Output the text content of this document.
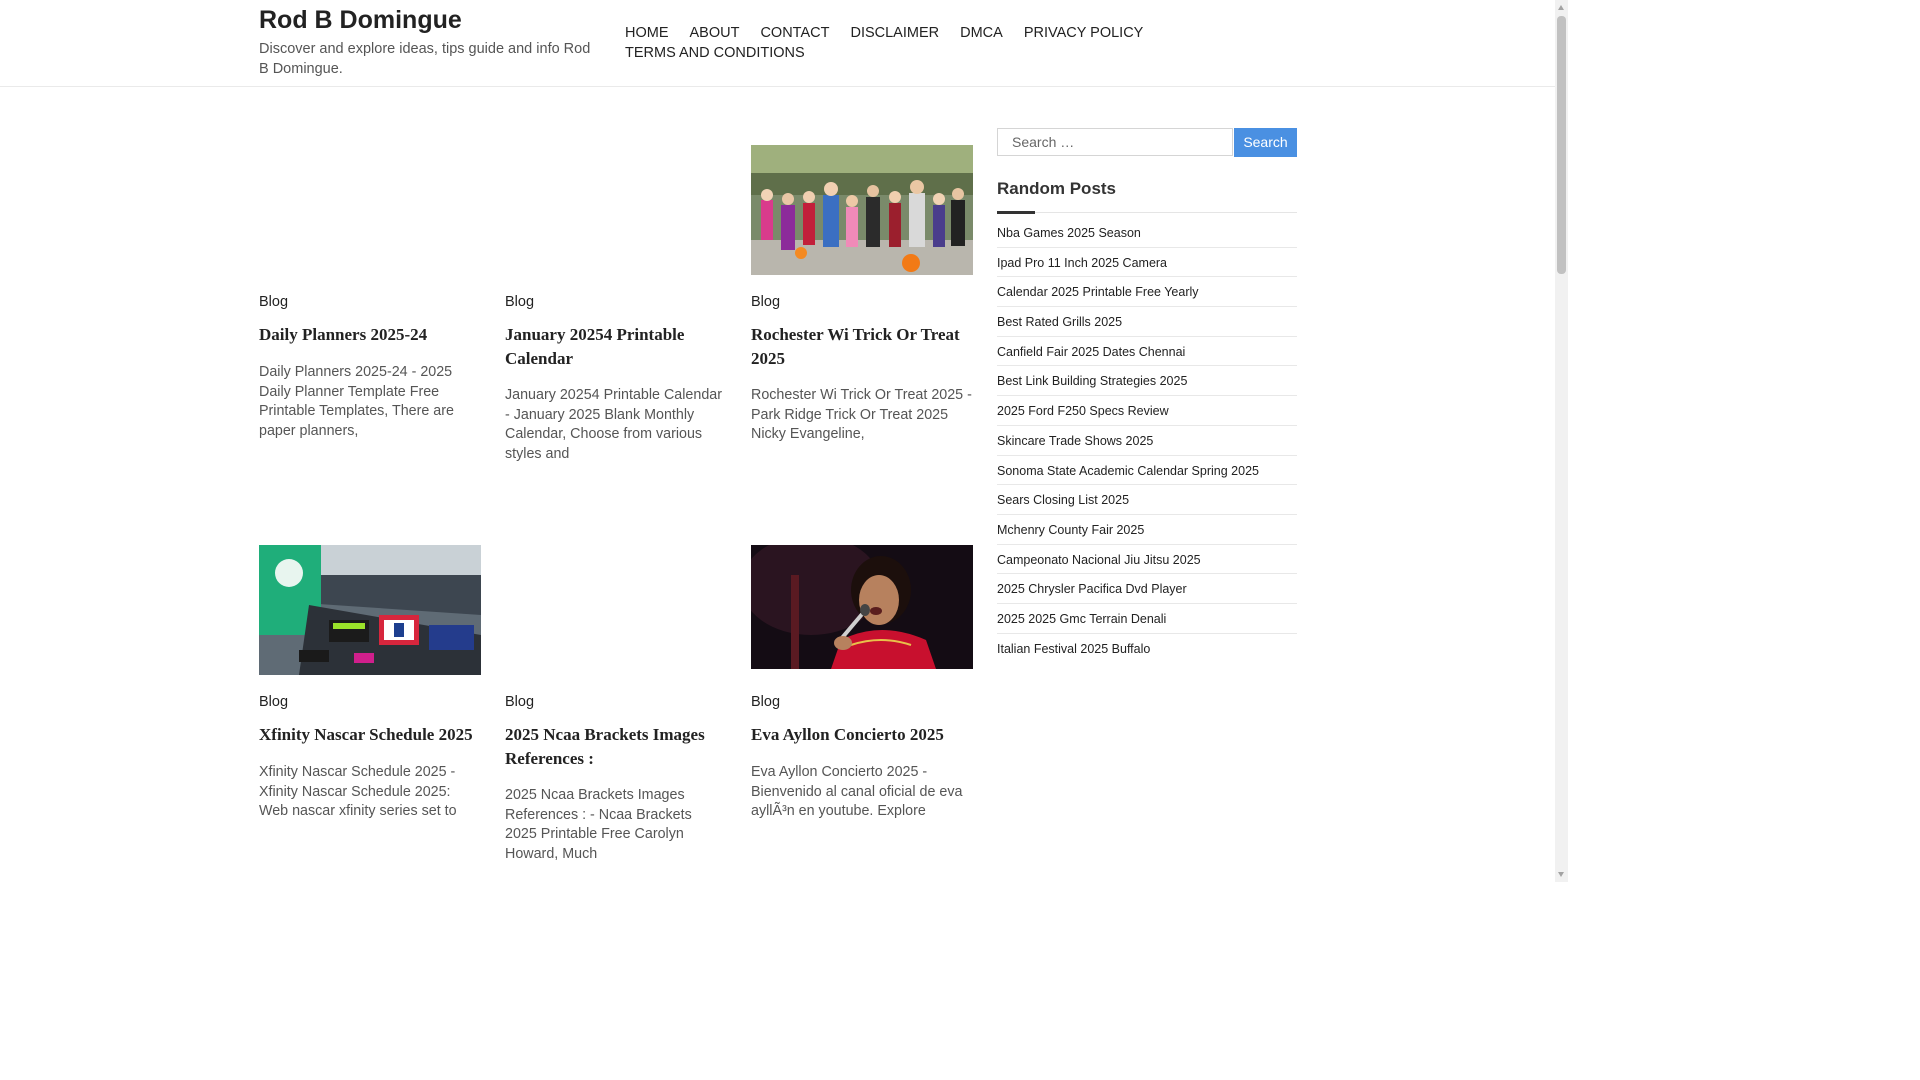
Rod B Domingue
Discover and explore ideas, tips guide and info Rod B Domingue.
HOME ABOUT CONTACT DISCLAIMER DMCA PRIVACY POLICYTERMS AND CONDITIONS
Blog
Daily Planners 2025-24
Daily Planners 2025-24 - 2025 Daily Planner Template Free Printable Templates, There are paper planners,
Blog
January 20254 Printable Calendar
January 20254 Printable Calendar - January 2025 Blank Monthly Calendar, Choose from various styles and
Blog
Rochester Wi Trick Or Treat 2025
Rochester Wi Trick Or Treat 2025 - Park Ridge Trick Or Treat 2025 Nicky Evangeline,
Blog
Xfinity Nascar Schedule 2025
Xfinity Nascar Schedule 2025 - Xfinity Nascar Schedule 2025: Web nascar xfinity series set to
Blog
2025 Ncaa Brackets Images References :
2025 Ncaa Brackets Images References : - Ncaa Brackets 2025 Printable Free Carolyn Howard, Much
Blog
Eva Ayllon Concierto 2025
Eva Ayllon Concierto 2025 - Bienvenido al canal oficial de eva ayllÃ³n en youtube. Explore
Search …	Search
Random Posts
Nba Games 2025 Season
Ipad Pro 11 Inch 2025 Camera
Calendar 2025 Printable Free Yearly
Best Rated Grills 2025
Canfield Fair 2025 Dates Chennai
Best Link Building Strategies 2025
2025 Ford F250 Specs Review
Skincare Trade Shows 2025
Sonoma State Academic Calendar Spring 2025
Sears Closing List 2025
Mchenry County Fair 2025
Campeonato Nacional Jiu Jitsu 2025
2025 Chrysler Pacifica Dvd Player
2025 2025 Gmc Terrain Denali
Italian Festival 2025 Buffalo
